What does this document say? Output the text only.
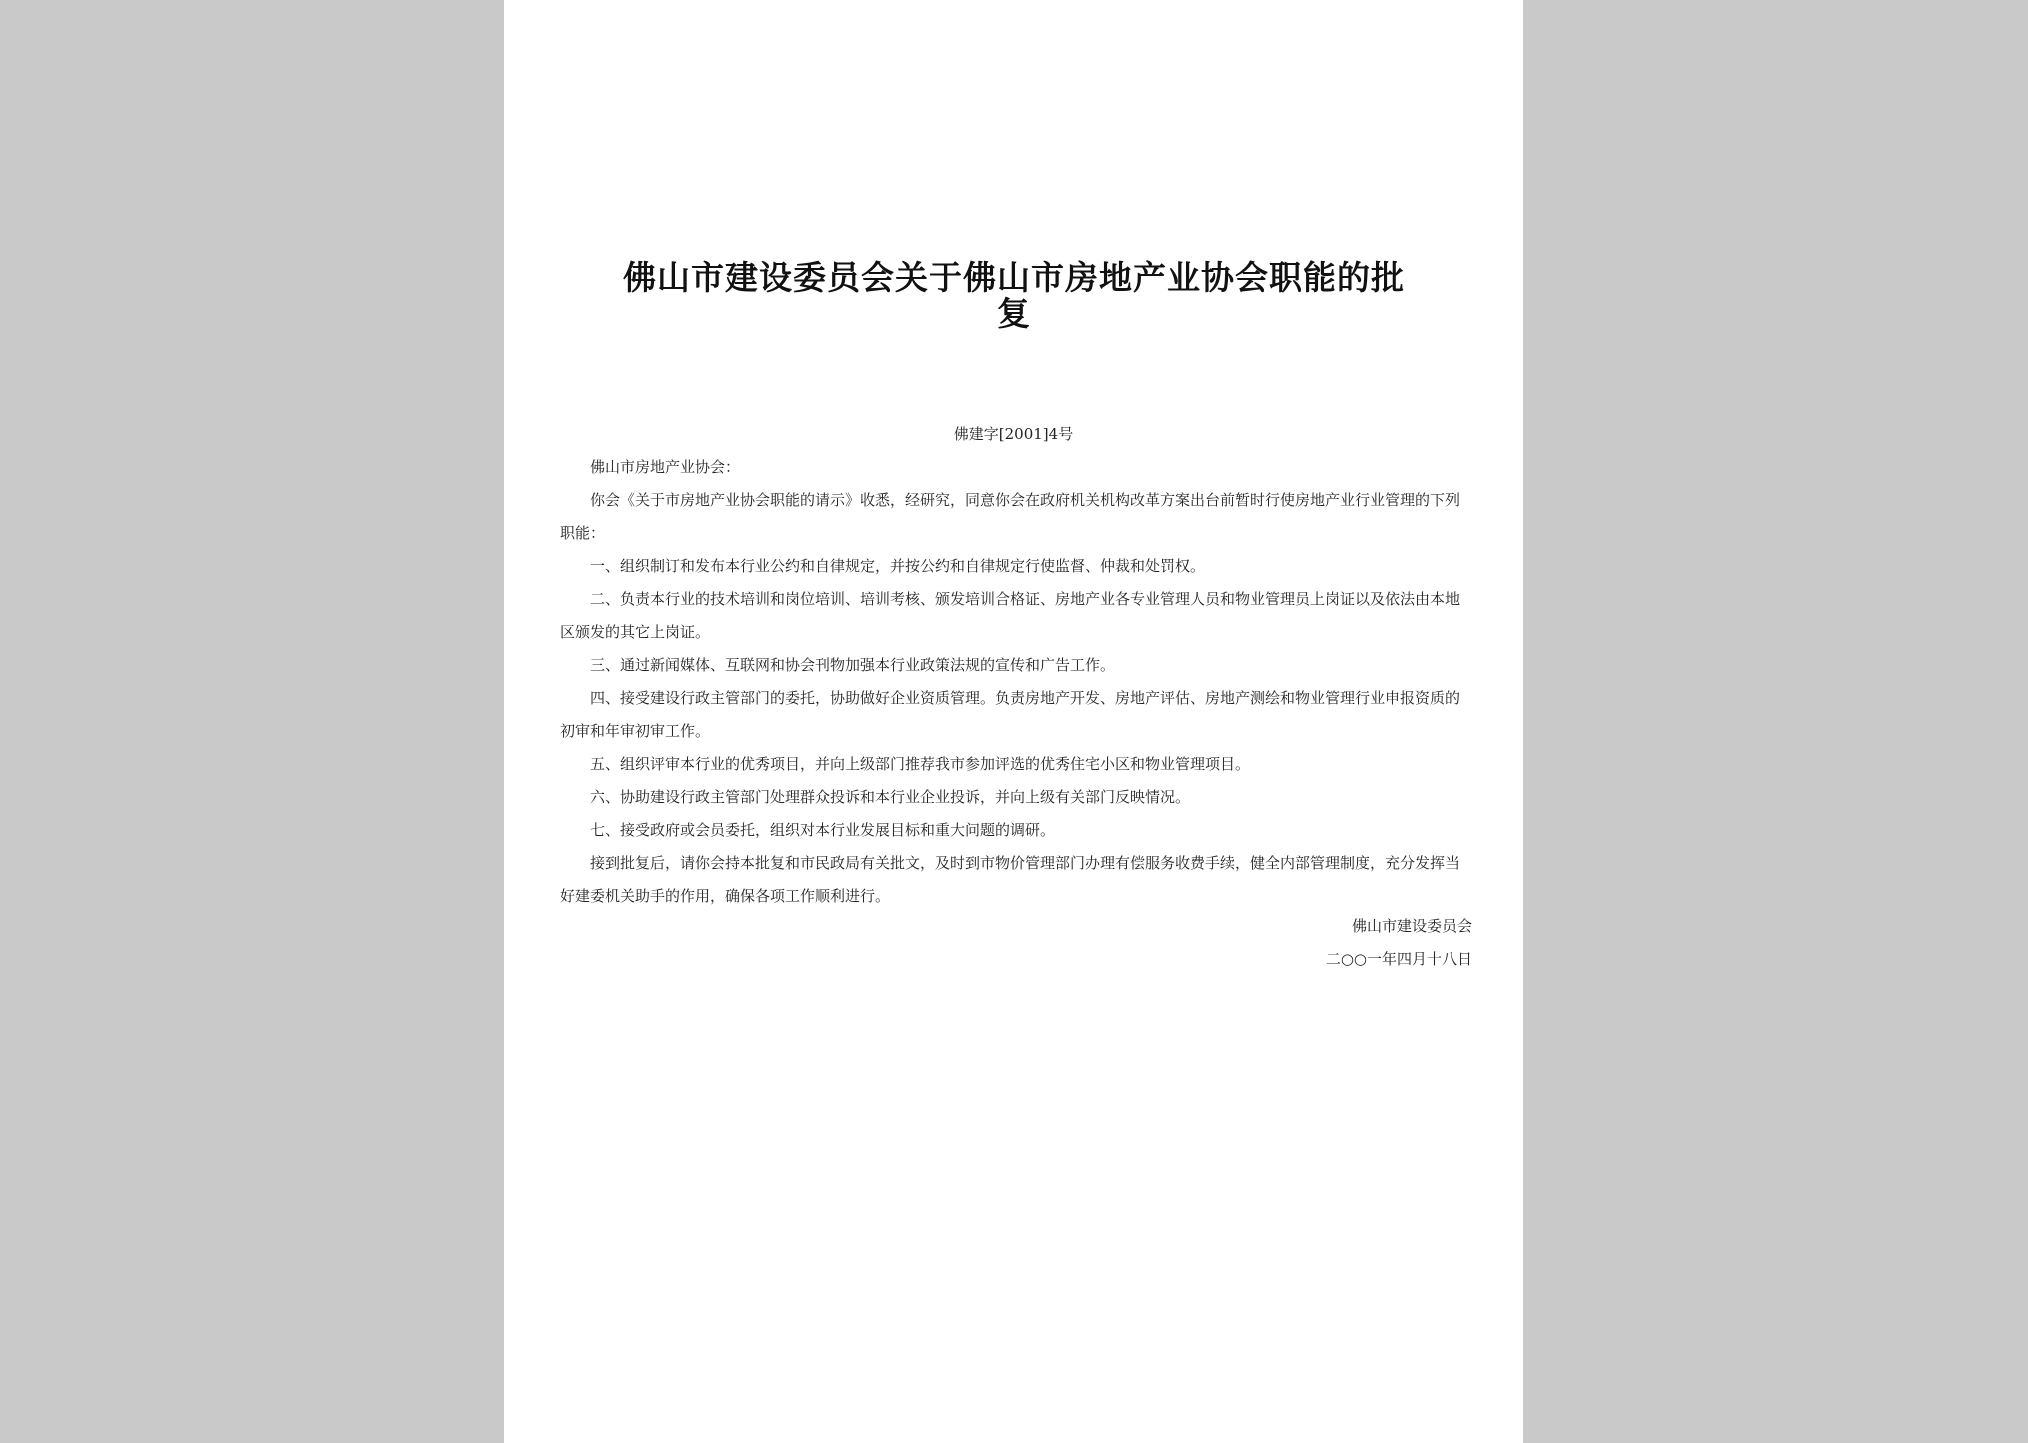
佛山市建设委员会关于佛山市房地产业协会职能的批
复
佛建字[2001]4号

佛山市房地产业协会：

你会《关于市房地产业协会职能的请示》收悉，经研究，同意你会在政府机关机构改革方案出台前暂时行使房地产业行业管理的下列职能：

一、组织制订和发布本行业公约和自律规定，并按公约和自律规定行使监督、仲裁和处罚权。

二、负责本行业的技术培训和岗位培训、培训考核、颁发培训合格证、房地产业各专业管理人员和物业管理员上岗证以及依法由本地区颁发的其它上岗证。

三、通过新闻媒体、互联网和协会刊物加强本行业政策法规的宣传和广告工作。

四、接受建设行政主管部门的委托，协助做好企业资质管理。负责房地产开发、房地产评估、房地产测绘和物业管理行业申报资质的初审和年审初审工作。

五、组织评审本行业的优秀项目，并向上级部门推荐我市参加评选的优秀住宅小区和物业管理项目。

六、协助建设行政主管部门处理群众投诉和本行业企业投诉，并向上级有关部门反映情况。

七、接受政府或会员委托，组织对本行业发展目标和重大问题的调研。

接到批复后，请你会持本批复和市民政局有关批文，及时到市物价管理部门办理有偿服务收费手续，健全内部管理制度，充分发挥当好建委机关助手的作用，确保各项工作顺利进行。

佛山市建设委员会
二○○一年四月十八日
